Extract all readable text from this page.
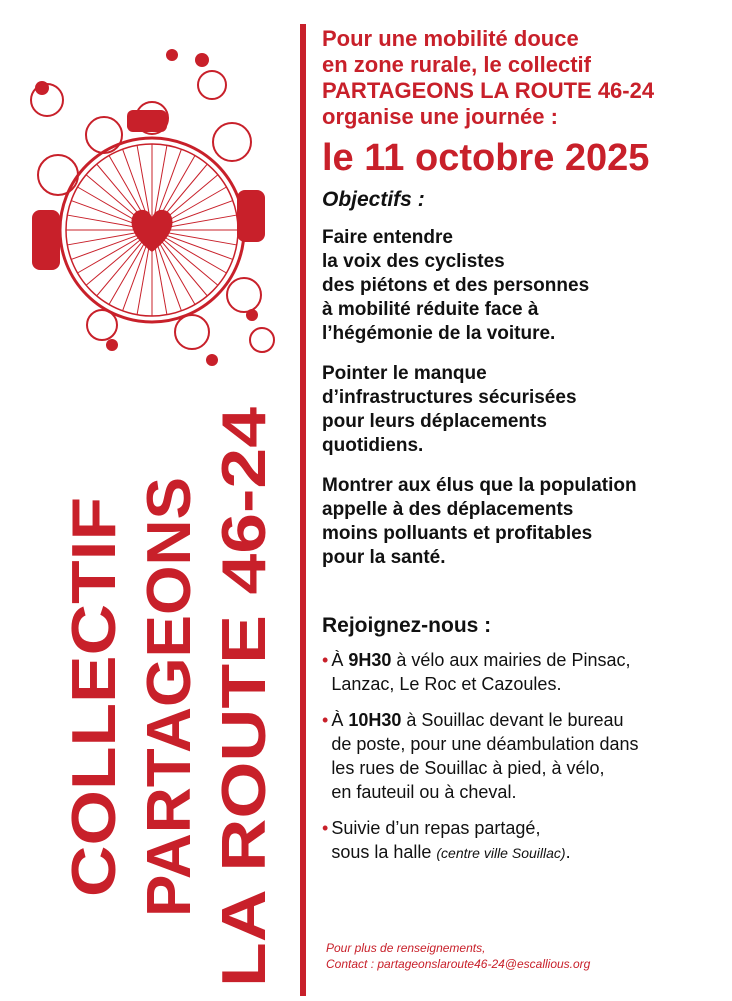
COLLECTIF PARTAGEONS LA ROUTE 46-24

Pour une mobilité douce

en zone rurale, le collectif

PARTAGEONS LA ROUTE 46-24

organise une journée :

le 11 octobre 2025

Objectifs :

Faire entendre
la voix des cyclistes
des piétons et des personnes
à mobilité réduite face à
l’hégémonie de la voiture.

Pointer le manque
d’infrastructures sécurisées
pour leurs déplacements
quotidiens.

Montrer aux élus que la population
appelle à des déplacements
moins polluants et profitables
pour la santé.

Rejoignez-nous :

• À 9H30 à vélo aux mairies de Pinsac,
Lanzac, Le Roc et Cazoules.
• À 10H30 à Souillac devant le bureau
de poste, pour une déambulation dans
les rues de Souillac à pied, à vélo,
en fauteuil ou à cheval.
• Suivie d’un repas partagé,
sous la halle (centre ville Souillac).
Pour plus de renseignements,
Contact : partageonslaroute46-24@escallious.org
